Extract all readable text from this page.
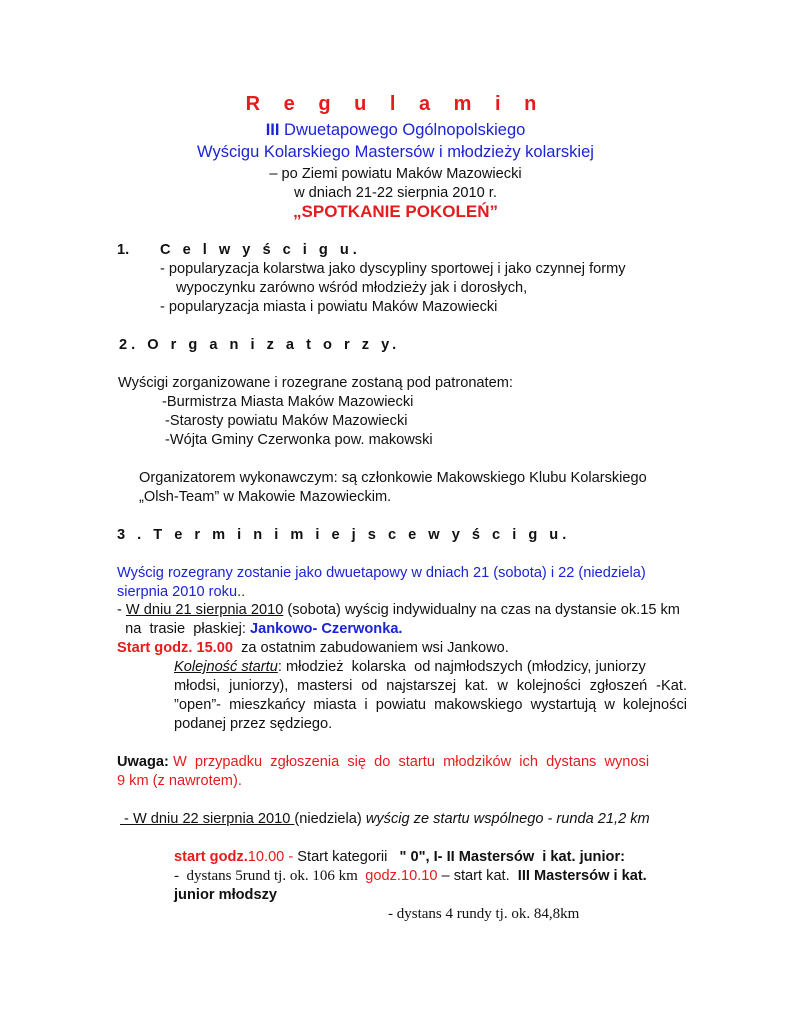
R e g u l a m i n
III Dwuetapowego Ogólnopolskiego
Wyścigu Kolarskiego Mastersów i młodzieży kolarskiej
– po Ziemi powiatu Maków Mazowiecki
w dniach 21-22 sierpnia 2010 r.
„SPOTKANIE POKOLEŃ”
1. C e l w y ś c i g u.
- popularyzacja kolarstwa jako dyscypliny sportowej i jako czynnej formy
wypoczynku zarówno wśród młodzieży jak i dorosłych,
- popularyzacja miasta i powiatu Maków Mazowiecki
2. O r g a n i z a t o r z y.
Wyścigi zorganizowane i rozegrane zostaną pod patronatem:
-Burmistrza Miasta Maków Mazowiecki
-Starosty powiatu Maków Mazowiecki
-Wójta Gminy Czerwonka pow. makowski
Organizatorem wykonawczym: są członkowie Makowskiego Klubu Kolarskiego
„Olsh-Team” w Makowie Mazowieckim.
3 . T e r m i n i m i e j s c e w y ś c i g u.
Wyścig rozegrany zostanie jako dwuetapowy w dniach 21 (sobota) i 22 (niedziela)
sierpnia 2010 roku..
- W dniu 21 sierpnia 2010 (sobota) wyścig indywidualny na czas na dystansie ok.15 km
na  trasie  płaskiej: Jankowo- Czerwonka.
Start godz. 15.00  za ostatnim zabudowaniem wsi Jankowo.
Kolejność startu: młodzież  kolarska  od najmłodszych (młodzicy, juniorzy
młodsi, juniorzy), mastersi od najstarszej kat. w kolejności zgłoszeń -Kat.
”open”- mieszkańcy miasta i powiatu makowskiego wystartują w kolejności
podanej przez sędziego.
Uwaga: W  przypadku  zgłoszenia  się  do  startu  młodzików  ich  dystans  wynosi
9 km (z nawrotem).
- W dniu 22 sierpnia 2010 (niedziela) wyścig ze startu wspólnego - runda 21,2 km
start godz.10.00 - Start kategorii   " 0", I- II Mastersów  i kat. junior:
-  dystans 5rund tj. ok. 106 km  godz.10.10 – start kat.  III Mastersów i kat.
junior młodszy
- dystans 4 rundy tj. ok. 84,8km
